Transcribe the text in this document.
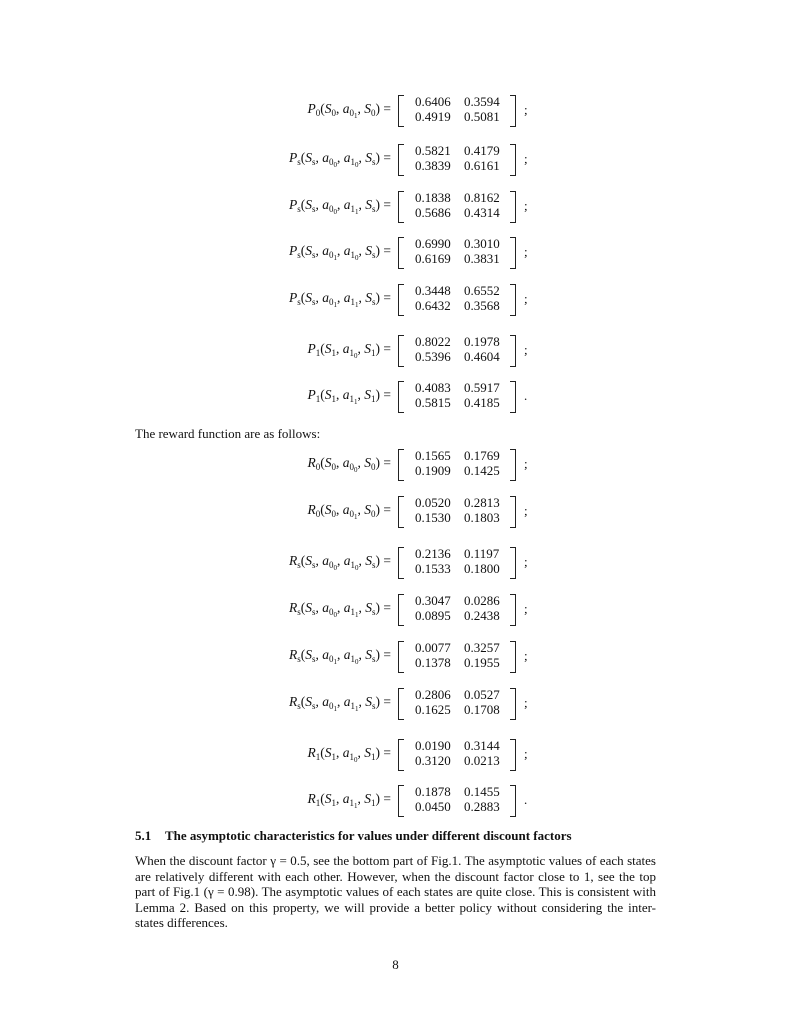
$P_0(S_0$, $a_{0_1}$, $S_0) = 0.6406$ 0.3594
0.4919 0.5081 ;
$P_s(S_s$, $a_{0_0}$, $a_{1_0}$, $S_s) = 0.5821$ 0.4179
0.3839 0.6161 ;
$P_s(S_s$, $a_{0_0}$, $a_{1_1}$, $S_s) = 0.1838$ 0.8162
0.5686 0.4314 ;
$P_s(S_s$, $a_{0_1}$, $a_{1_0}$, $S_s) = 0.6990$ 0.3010
0.6169 0.3831 ;
$P_s(S_s$, $a_{0_1}$, $a_{1_1}$, $S_s) = 0.3448$ 0.6552
0.6432 0.3568 ;
$P_1(S_1$, $a_{1_0}$, $S_1) = 0.8022$ 0.1978
0.5396 0.4604 ;
$P_1(S_1$, $a_{1_1}$, $S_1) = 0.4083$ 0.5917
0.5815 0.4185 .
$R_0(S_0$, $a_{0_0}$, $S_0) = 0.1565$ 0.1769
0.1909 0.1425 ;
$R_0(S_0$, $a_{0_1}$, $S_0) = 0.0520$ 0.2813
0.1530 0.1803 ;
$R_s(S_s$, $a_{0_0}$, $a_{1_0}$, $S_s) = 0.2136$ 0.1197
0.1533 0.1800 ;
$R_s(S_s$, $a_{0_0}$, $a_{1_1}$, $S_s) = 0.3047$ 0.0286
0.0895 0.2438 ;
$R_s(S_s$, $a_{0_1}$, $a_{1_0}$, $S_s) = 0.0077$ 0.3257
0.1378 0.1955 ;
$R_s(S_s$, $a_{0_1}$, $a_{1_1}$, $S_s) = 0.2806$ 0.0527
0.1625 0.1708 ;
$R_1(S_1$, $a_{1_0}$, $S_1) = 0.0190$ 0.3144
0.3120 0.0213 ;
$R_1(S_1$, $a_{1_1}$, $S_1) = 0.1878$ 0.1455
0.0450 0.2883 .
The reward function are as follows:
5.1 The asymptotic characteristics for values under different discount factors
When the discount factor γ = 0.5, see the bottom part of Fig.1. The asymptotic values of each states are relatively different with each other. However, when the discount factor close to 1, see the top part of Fig.1 (γ = 0.98). The asymptotic values of each states are quite close. This is consistent with Lemma 2. Based on this property, we will provide a better policy without considering the inter-states differences.
8
